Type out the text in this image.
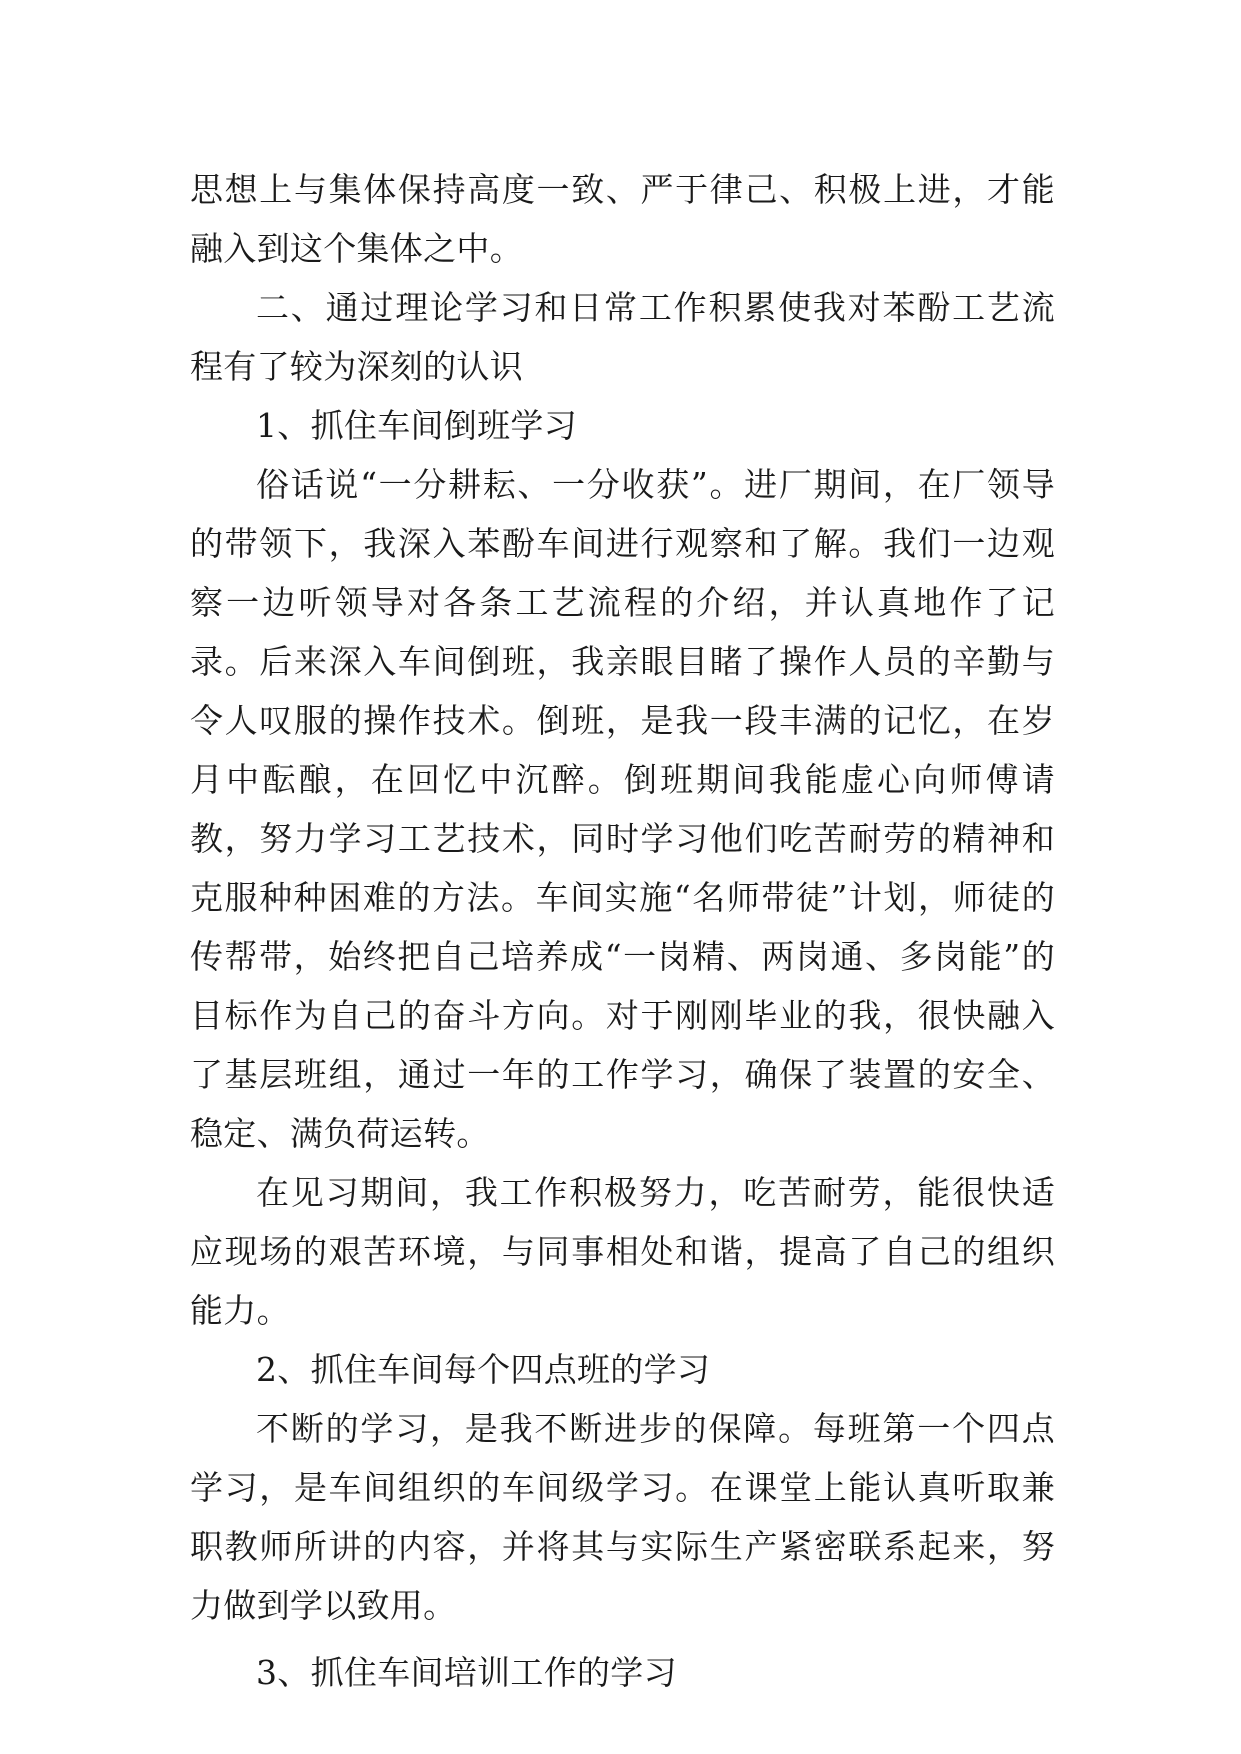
思想上与集体保持高度一致、严于律己、积极上进，才能融入到这个集体之中。

二、通过理论学习和日常工作积累使我对苯酚工艺流程有了较为深刻的认识

1、抓住车间倒班学习

俗话说“一分耕耘、一分收获”。进厂期间，在厂领导的带领下，我深入苯酚车间进行观察和了解。我们一边观察一边听领导对各条工艺流程的介绍，并认真地作了记录。后来深入车间倒班，我亲眼目睹了操作人员的辛勤与令人叹服的操作技术。倒班，是我一段丰满的记忆，在岁月中酝酿，在回忆中沉醉。倒班期间我能虚心向师傅请教，努力学习工艺技术，同时学习他们吃苦耐劳的精神和克服种种困难的方法。车间实施“名师带徒”计划，师徒的传帮带，始终把自己培养成“一岗精、两岗通、多岗能”的目标作为自己的奋斗方向。对于刚刚毕业的我，很快融入了基层班组，通过一年的工作学习，确保了装置的安全、稳定、满负荷运转。

在见习期间，我工作积极努力，吃苦耐劳，能很快适应现场的艰苦环境，与同事相处和谐，提高了自己的组织能力。

2、抓住车间每个四点班的学习

不断的学习，是我不断进步的保障。每班第一个四点学习，是车间组织的车间级学习。在课堂上能认真听取兼职教师所讲的内容，并将其与实际生产紧密联系起来，努力做到学以致用。

3、抓住车间培训工作的学习
